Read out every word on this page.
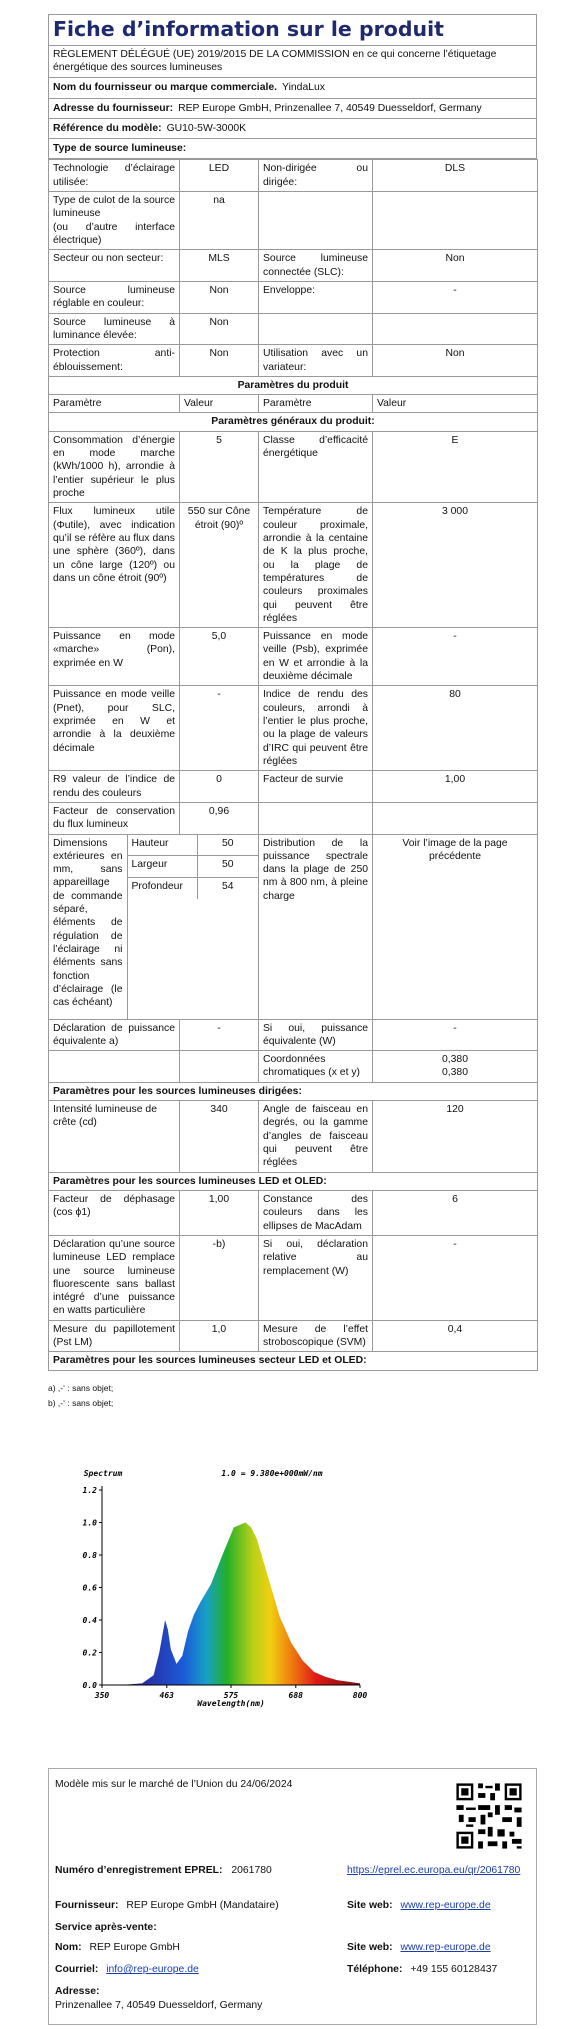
Fiche d’information sur le produit
RÈGLEMENT DÉLÉGUÉ (UE) 2019/2015 DE LA COMMISSION en ce qui concerne l’étiquetage énergétique des sources lumineuses
Nom du fournisseur ou marque commerciale. YindaLux
Adresse du fournisseur: REP Europe GmbH, Prinzenallee 7, 40549 Duesseldorf, Germany
Référence du modèle: GU10-5W-3000K
Type de source lumineuse:
Technologie d’éclairage utilisée:	LED	Non-dirigée ou dirigée:	DLS
Type de culot de la source lumineuse
(ou d’autre interface électrique)	na		
Secteur ou non secteur:	MLS	Source lumineuse connectée (SLC):	Non
Source lumineuse réglable en couleur:	Non	Enveloppe:	-
Source lumineuse à luminance élevée:	Non		
Protection anti-éblouissement:	Non	Utilisation avec un variateur:	Non
Paramètres du produit
Paramètre	Valeur	Paramètre	Valeur
Paramètres généraux du produit:
Consommation d’énergie en mode marche (kWh/1000 h), arrondie à l’entier supérieur le plus proche	5	Classe d’efficacité énergétique	E
Flux lumineux utile (Φutile), avec indication qu’il se réfère au flux dans une sphère (360º), dans un cône large (120º) ou dans un cône étroit (90º)	550 sur Cône étroit (90)º	Température de couleur proximale, arrondie à la centaine de K la plus proche, ou la plage de températures de couleurs proximales qui peuvent être réglées	3 000
Puissance en mode «marche» (Pon), exprimée en W	5,0	Puissance en mode veille (Psb), exprimée en W et arrondie à la deuxième décimale	-
Puissance en mode veille (Pnet), pour SLC, exprimée en W et arrondie à la deuxième décimale	-	Indice de rendu des couleurs, arrondi à l’entier le plus proche, ou la plage de valeurs d’IRC qui peuvent être réglées	80
R9 valeur de l’indice de rendu des couleurs	0	Facteur de survie	1,00
Facteur de conservation du flux lumineux	0,96		

Dimensions extérieures en mm, sans appareillage de commande séparé, éléments de régulation de l’éclairage ni éléments sans fonction d’éclairage (le cas échéant)	Hauteur	50
Largeur	50
Profondeur	54

	Distribution de la puissance spectrale dans la plage de 250 nm à 800 nm, à pleine charge	Voir l’image de la page précédente
Déclaration de puissance équivalente a)	-	Si oui, puissance équivalente (W)	-
		Coordonnées chromatiques (x et y)	0,380
0,380
Paramètres pour les sources lumineuses dirigées:
Intensité lumineuse de crête (cd)	340	Angle de faisceau en degrés, ou la gamme d’angles de faisceau qui peuvent être réglées	120
Paramètres pour les sources lumineuses LED et OLED:
Facteur de déphasage (cos ϕ1)	1,00	Constance des couleurs dans les ellipses de MacAdam	6
Déclaration qu’une source lumineuse LED remplace une source lumineuse fluorescente sans ballast intégré d’une puissance en watts particulière	-b)	Si oui, déclaration relative au remplacement (W)	-
Mesure du papillotement (Pst LM)	1,0	Mesure de l’effet stroboscopique (SVM)	0,4
Paramètres pour les sources lumineuses secteur LED et OLED:
a) ,-‘ : sans objet;
b) ,-‘ : sans objet;
Spectrum	1.0 = 9.380e+000mW/nm
0.0
0.2
0.4
0.6
0.8
1.0
1.2
350	463	575	688	800
Wavelength(nm)
Modèle mis sur le marché de l’Union du 24/06/2024
Numéro d’enregistrement EPREL: 2061780	https://eprel.ec.europa.eu/qr/2061780
Fournisseur: REP Europe GmbH (Mandataire)	Site web: www.rep-europe.de
Service après-vente:
Nom: REP Europe GmbH	Site web: www.rep-europe.de
Courriel: info@rep-europe.de	Téléphone: +49 155 60128437
Adresse:
Prinzenallee 7, 40549 Duesseldorf, Germany
